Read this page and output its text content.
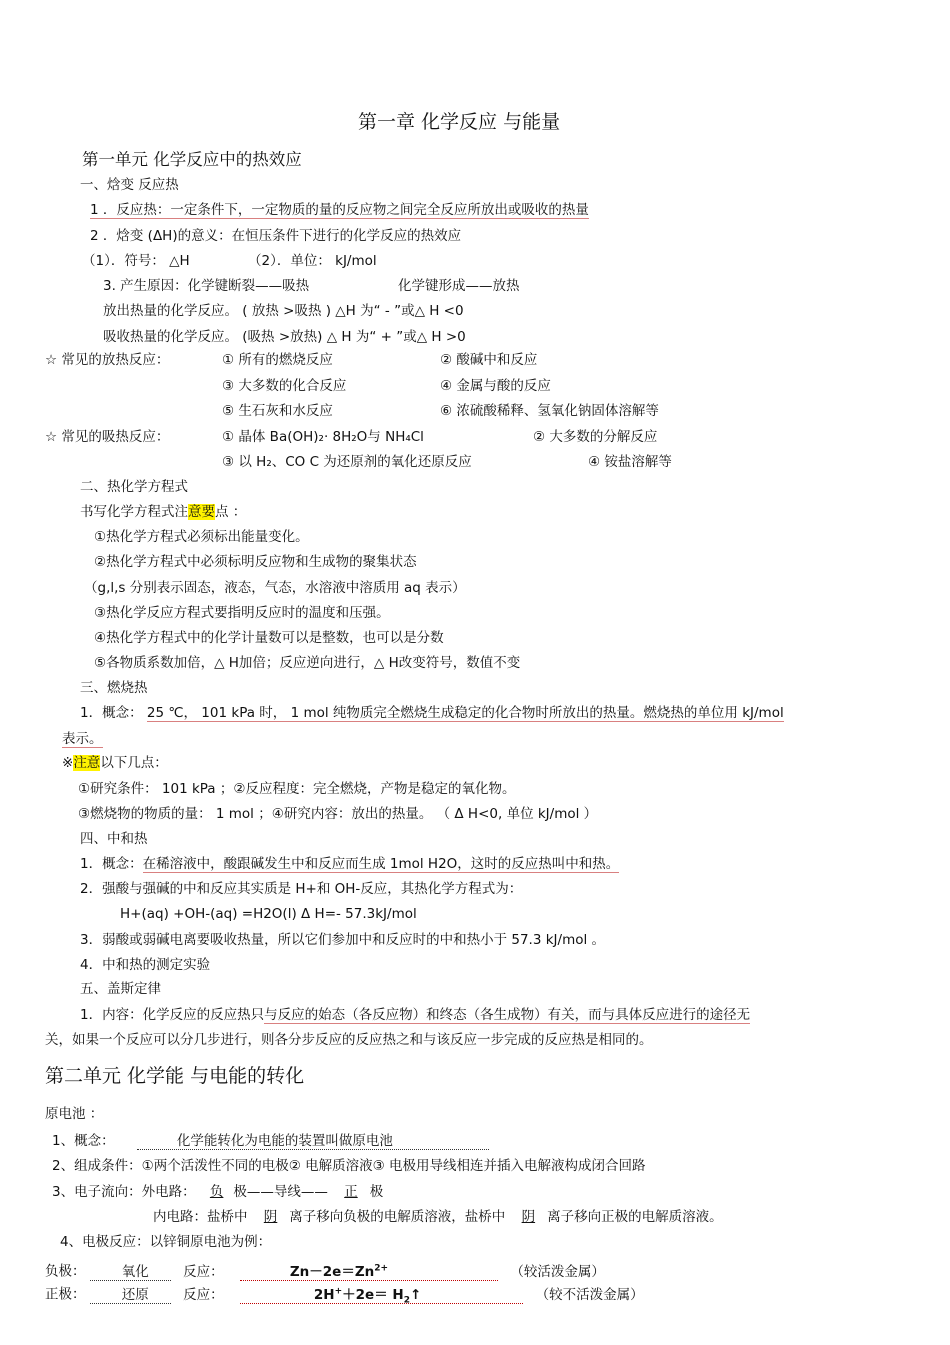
第一章 化学反应 与能量
第一单元 化学反应中的热效应
一、焓变 反应热
1 ．反应热：一定条件下，一定物质的量的反应物之间完全反应所放出或吸收的热量
2 ．焓变 (ΔH)的意义：在恒压条件下进行的化学反应的热效应
（1）．符号： △H	（2）．单位： kJ/mol
3. 产生原因：化学键断裂——吸热	化学键形成——放热
放出热量的化学反应。 ( 放热 >吸热 ) △H 为“ - ”或△ H <0
吸收热量的化学反应。 (吸热 >放热) △ H 为“ + ”或△ H >0
☆ 常见的放热反应：	① 所有的燃烧反应	② 酸碱中和反应
③ 大多数的化合反应	④ 金属与酸的反应
⑤ 生石灰和水反应	⑥ 浓硫酸稀释、氢氧化钠固体溶解等
☆ 常见的吸热反应：	① 晶体 Ba(OH)₂· 8H₂O与 NH₄Cl	② 大多数的分解反应
③ 以 H₂、CO C 为还原剂的氧化还原反应	④ 铵盐溶解等
二、热化学方程式
书写化学方程式注意要点 ：
①热化学方程式必须标出能量变化。
②热化学方程式中必须标明反应物和生成物的聚集状态
（g,l,s 分别表示固态，液态，气态，水溶液中溶质用 aq 表示）
③热化学反应方程式要指明反应时的温度和压强。
④热化学方程式中的化学计量数可以是整数，也可以是分数
⑤各物质系数加倍，△ H加倍；反应逆向进行，△ H改变符号，数值不变
三、燃烧热
1．概念： 25 ℃， 101 kPa 时， 1 mol 纯物质完全燃烧生成稳定的化合物时所放出的热量。燃烧热的单位用 kJ/mol
表示。
※注意以下几点：
①研究条件： 101 kPa ；②反应程度：完全燃烧，产物是稳定的氧化物。
③燃烧物的物质的量： 1 mol ；④研究内容：放出的热量。 （ Δ H<0, 单位 kJ/mol ）
四、中和热
1．概念：在稀溶液中，酸跟碱发生中和反应而生成 1mol H2O，这时的反应热叫中和热。
2．强酸与强碱的中和反应其实质是 H+和 OH-反应，其热化学方程式为：
H+(aq) +OH-(aq) =H2O(l) Δ H=- 57.3kJ/mol
3．弱酸或弱碱电离要吸收热量，所以它们参加中和反应时的中和热小于 57.3 kJ/mol 。
4．中和热的测定实验
五、盖斯定律
1．内容：化学反应的反应热只与反应的始态（各反应物）和终态（各生成物）有关，而与具体反应进行的途径无
关，如果一个反应可以分几步进行，则各分步反应的反应热之和与该反应一步完成的反应热是相同的。
第二单元 化学能 与电能的转化
原电池 ：
1、概念：	化学能转化为电能的装置叫做原电池
2、组成条件：①两个活泼性不同的电极② 电解质溶液③ 电极用导线相连并插入电解液构成闭合回路
3、电子流向：外电路： 负 极——导线—— 正 极
内电路：盐桥中 阴 离子移向负极的电解质溶液，盐桥中 阴 离子移向正极的电解质溶液。
4、电极反应：以锌铜原电池为例：
负极：	氧化	反应：	$Zn-2e=Zn^{2+}$	（较活泼金属）
正极：	还原	反应：	$2H^++2e= H_2↑$	（较不活泼金属）
